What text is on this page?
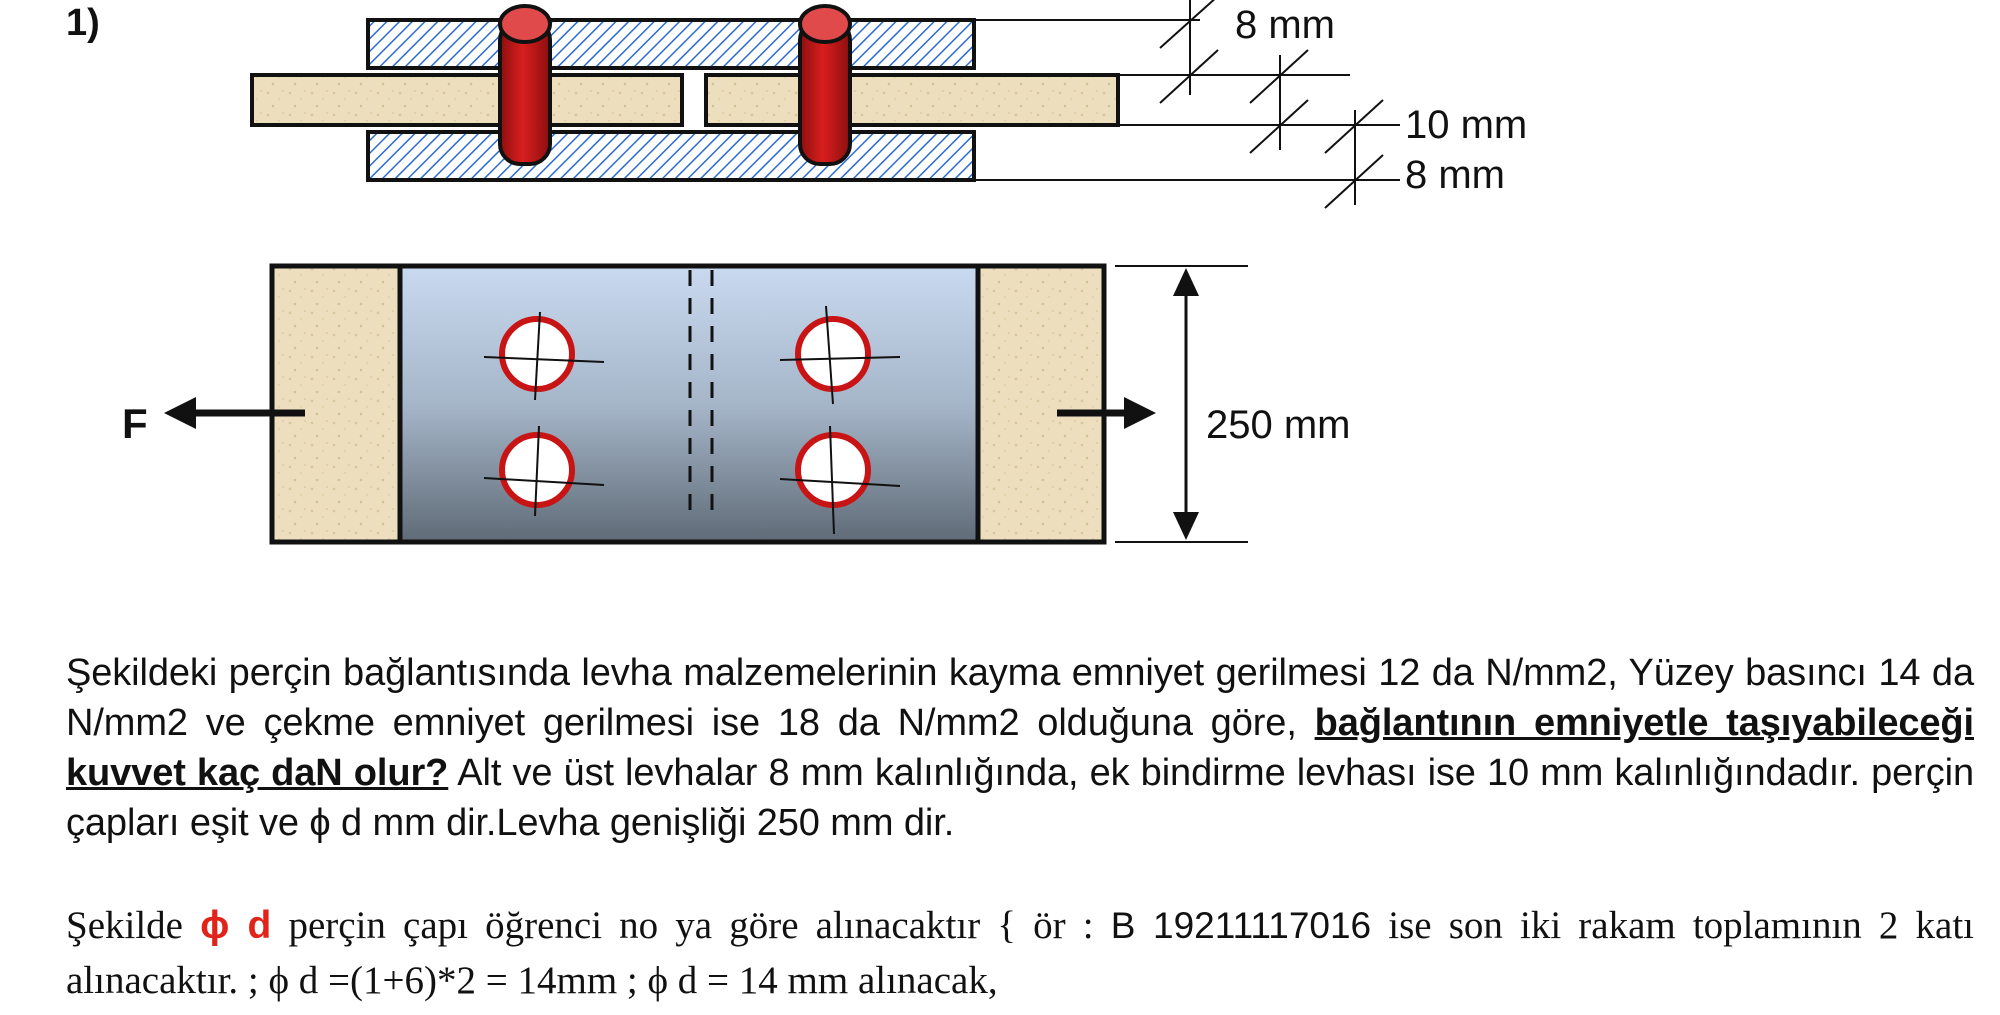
1)	8 mm
10 mm
8 mm
F	250 mm

Şekildeki perçin bağlantısında levha malzemelerinin kayma emniyet gerilmesi 12 da N/mm2, Yüzey basıncı 14 da N/mm2 ve çekme emniyet gerilmesi ise 18 da N/mm2 olduğuna göre, bağlantının emniyetle taşıyabileceği kuvvet kaç daN olur? Alt ve üst levhalar 8 mm kalınlığında, ek bindirme levhası ise 10 mm kalınlığındadır. perçin çapları eşit ve ϕ d mm dir.Levha genişliği 250 mm dir.

Şekilde ϕ d perçin çapı öğrenci no ya göre alınacaktır { ör : B 19211117016 ise son iki rakam toplamının 2 katı alınacaktır. ; ϕ d =(1+6)*2 = 14mm ; ϕ d = 14 mm alınacak,
